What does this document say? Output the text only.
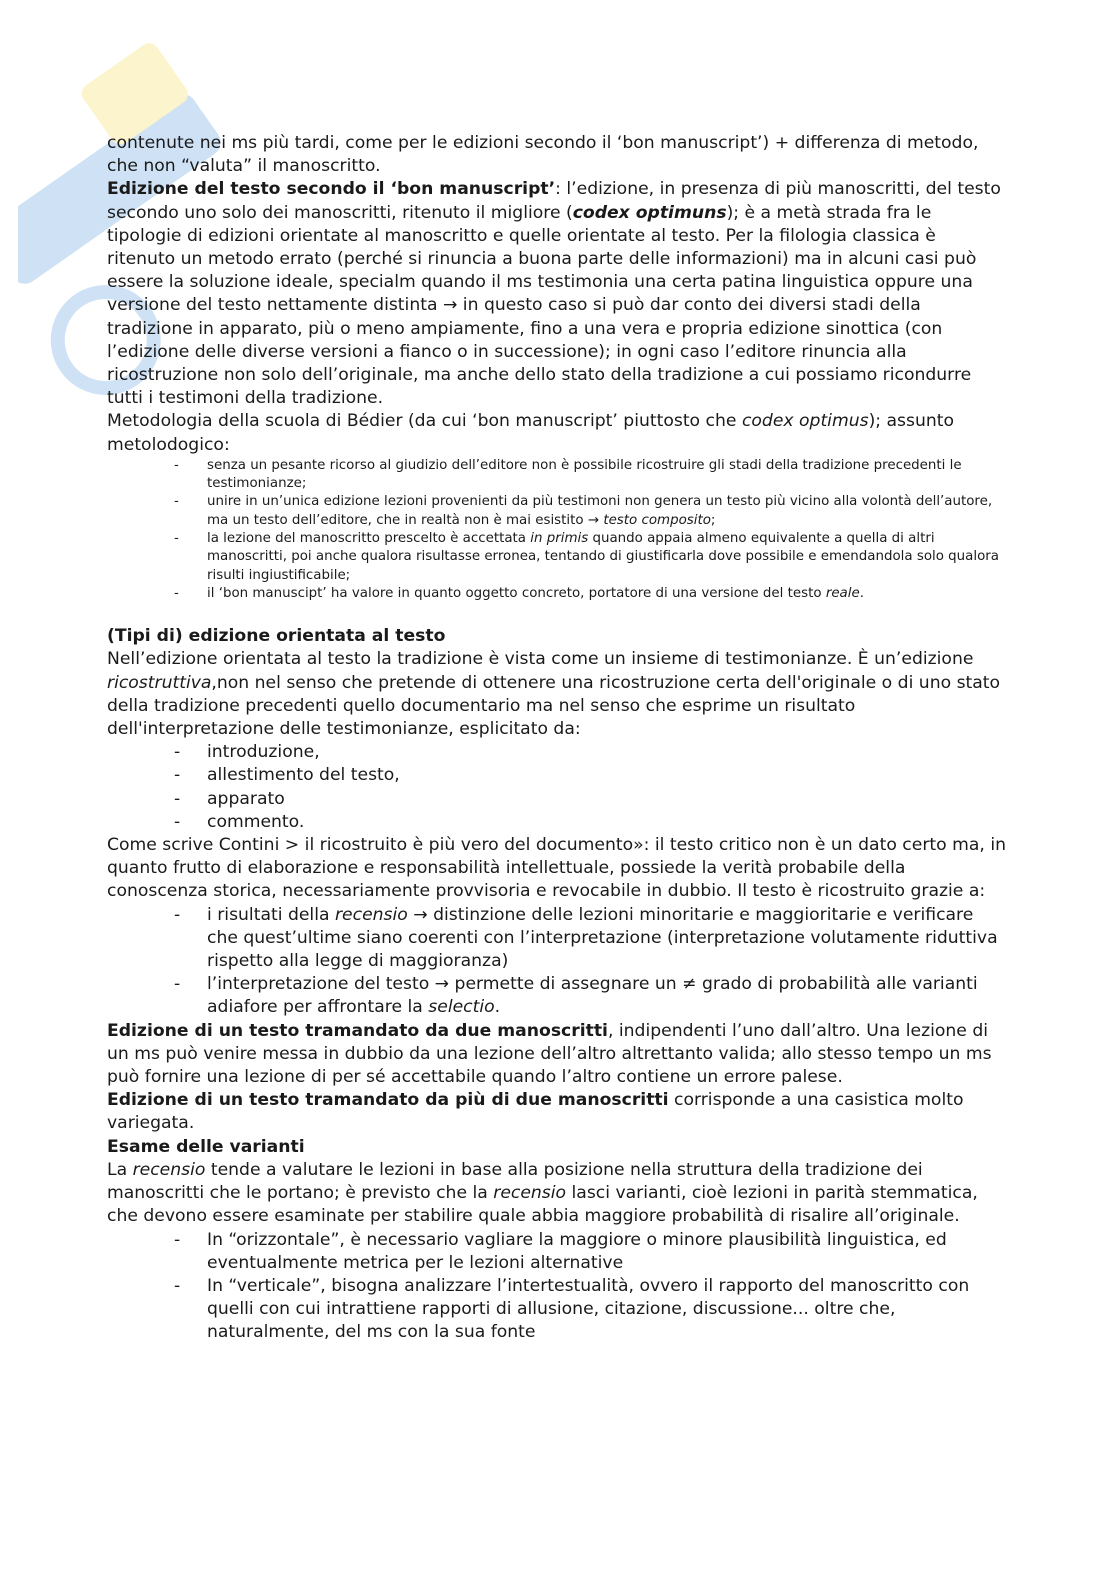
contenute nei ms più tardi, come per le edizioni secondo il ‘bon manuscript’) + differenza di metodo, che non “valuta” il manoscritto.

Edizione del testo secondo il ‘bon manuscript’: l’edizione, in presenza di più manoscritti, del testo secondo uno solo dei manoscritti, ritenuto il migliore (codex optimuns); è a metà strada fra le tipologie di edizioni orientate al manoscritto e quelle orientate al testo. Per la filologia classica è ritenuto un metodo errato (perché si rinuncia a buona parte delle informazioni) ma in alcuni casi può essere la soluzione ideale, specialm quando il ms testimonia una certa patina linguistica oppure una versione del testo nettamente distinta → in questo caso si può dar conto dei diversi stadi della tradizione in apparato, più o meno ampiamente, fino a una vera e propria edizione sinottica (con l’edizione delle diverse versioni a fianco o in successione); in ogni caso l’editore rinuncia alla ricostruzione non solo dell’originale, ma anche dello stato della tradizione a cui possiamo ricondurre tutti i testimoni della tradizione.

Metodologia della scuola di Bédier (da cui ‘bon manuscript’ piuttosto che codex optimus); assunto metolodogico:

- senza un pesante ricorso al giudizio dell’editore non è possibile ricostruire gli stadi della tradizione precedenti le testimonianze;
- unire in un’unica edizione lezioni provenienti da più testimoni non genera un testo più vicino alla volontà dell’autore, ma un testo dell’editore, che in realtà non è mai esistito → testo composito;
- la lezione del manoscritto prescelto è accettata in primis quando appaia almeno equivalente a quella di altri manoscritti, poi anche qualora risultasse erronea, tentando di giustificarla dove possibile e emendandola solo qualora risulti ingiustificabile;
- il ‘bon manuscipt’ ha valore in quanto oggetto concreto, portatore di una versione del testo reale.

(Tipi di) edizione orientata al testo

Nell’edizione orientata al testo la tradizione è vista come un insieme di testimonianze. È un’edizione ricostruttiva,non nel senso che pretende di ottenere una ricostruzione certa dell'originale o di uno stato della tradizione precedenti quello documentario ma nel senso che esprime un risultato dell'interpretazione delle testimonianze, esplicitato da:

- introduzione,
- allestimento del testo,
- apparato
- commento.

Come scrive Contini > il ricostruito è più vero del documento»: il testo critico non è un dato certo ma, in quanto frutto di elaborazione e responsabilità intellettuale, possiede la verità probabile della conoscenza storica, necessariamente provvisoria e revocabile in dubbio. Il testo è ricostruito grazie a:

- i risultati della recensio → distinzione delle lezioni minoritarie e maggioritarie e verificare che quest’ultime siano coerenti con l’interpretazione (interpretazione volutamente riduttiva rispetto alla legge di maggioranza)
- l’interpretazione del testo → permette di assegnare un ≠ grado di probabilità alle varianti adiafore per affrontare la selectio.

Edizione di un testo tramandato da due manoscritti, indipendenti l’uno dall’altro. Una lezione di un ms può venire messa in dubbio da una lezione dell’altro altrettanto valida; allo stesso tempo un ms può fornire una lezione di per sé accettabile quando l’altro contiene un errore palese.

Edizione di un testo tramandato da più di due manoscritti corrisponde a una casistica molto variegata.

Esame delle varianti

La recensio tende a valutare le lezioni in base alla posizione nella struttura della tradizione dei manoscritti che le portano; è previsto che la recensio lasci varianti, cioè lezioni in parità stemmatica, che devono essere esaminate per stabilire quale abbia maggiore probabilità di risalire all’originale.

- In “orizzontale”, è necessario vagliare la maggiore o minore plausibilità linguistica, ed eventualmente metrica per le lezioni alternative
- In “verticale”, bisogna analizzare l’intertestualità, ovvero il rapporto del manoscritto con quelli con cui intrattiene rapporti di allusione, citazione, discussione... oltre che, naturalmente, del ms con la sua fonte
